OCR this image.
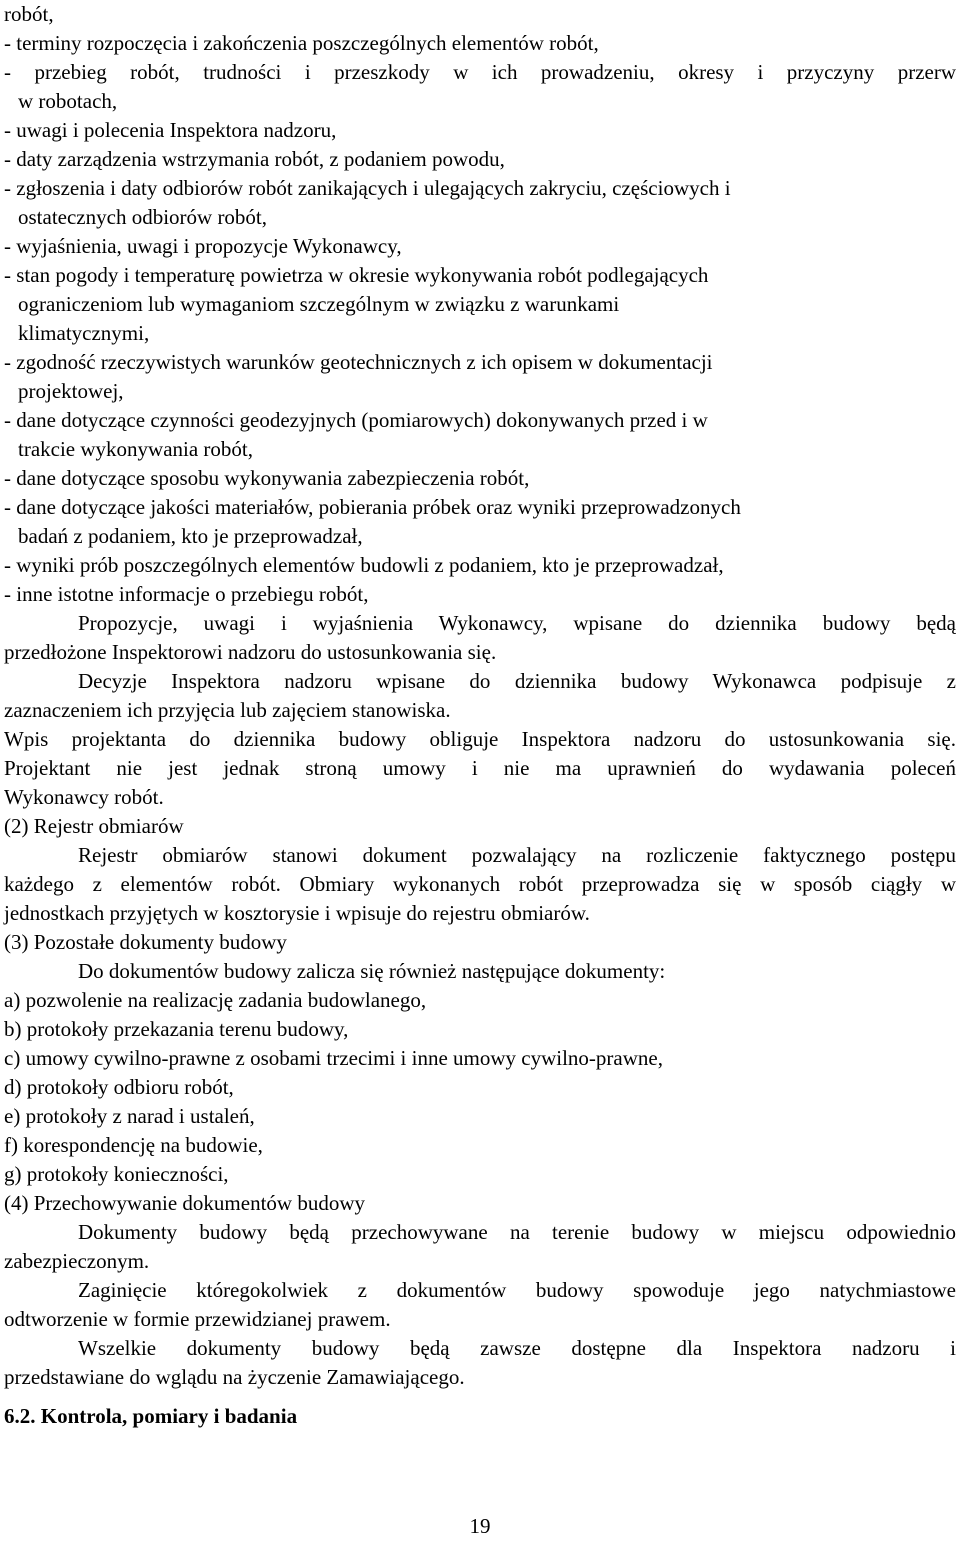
robót,
- terminy rozpoczęcia i zakończenia poszczególnych elementów robót,
- przebieg robót, trudności i przeszkody w ich prowadzeniu, okresy i przyczyny przerw
w robotach,
- uwagi i polecenia Inspektora nadzoru,
- daty zarządzenia wstrzymania robót, z podaniem powodu,
- zgłoszenia i daty odbiorów robót zanikających i ulegających zakryciu, częściowych i
ostatecznych odbiorów robót,
- wyjaśnienia, uwagi i propozycje Wykonawcy,
- stan pogody i temperaturę powietrza w okresie wykonywania robót podlegających
ograniczeniom lub wymaganiom szczególnym w związku z warunkami
klimatycznymi,
- zgodność rzeczywistych warunków geotechnicznych z ich opisem w dokumentacji
projektowej,
- dane dotyczące czynności geodezyjnych (pomiarowych) dokonywanych przed i w
trakcie wykonywania robót,
- dane dotyczące sposobu wykonywania zabezpieczenia robót,
- dane dotyczące jakości materiałów, pobierania próbek oraz wyniki przeprowadzonych
badań z podaniem, kto je przeprowadzał,
- wyniki prób poszczególnych elementów budowli z podaniem, kto je przeprowadzał,
- inne istotne informacje o przebiegu robót,
Propozycje, uwagi i wyjaśnienia Wykonawcy, wpisane do dziennika budowy będą
przedłożone Inspektorowi nadzoru do ustosunkowania się.
Decyzje Inspektora nadzoru wpisane do dziennika budowy Wykonawca podpisuje z
zaznaczeniem ich przyjęcia lub zajęciem stanowiska.
Wpis projektanta do dziennika budowy obliguje Inspektora nadzoru do ustosunkowania się.
Projektant nie jest jednak stroną umowy i nie ma uprawnień do wydawania poleceń
Wykonawcy robót.
(2) Rejestr obmiarów
Rejestr obmiarów stanowi dokument pozwalający na rozliczenie faktycznego postępu
każdego z elementów robót. Obmiary wykonanych robót przeprowadza się w sposób ciągły w
jednostkach przyjętych w kosztorysie i wpisuje do rejestru obmiarów.
(3) Pozostałe dokumenty budowy
Do dokumentów budowy zalicza się również następujące dokumenty:
a) pozwolenie na realizację zadania budowlanego,
b) protokoły przekazania terenu budowy,
c) umowy cywilno-prawne z osobami trzecimi i inne umowy cywilno-prawne,
d) protokoły odbioru robót,
e) protokoły z narad i ustaleń,
f) korespondencję na budowie,
g) protokoły konieczności,
(4) Przechowywanie dokumentów budowy
Dokumenty budowy będą przechowywane na terenie budowy w miejscu odpowiednio
zabezpieczonym.
Zaginięcie któregokolwiek z dokumentów budowy spowoduje jego natychmiastowe
odtworzenie w formie przewidzianej prawem.
Wszelkie dokumenty budowy będą zawsze dostępne dla Inspektora nadzoru i
przedstawiane do wglądu na życzenie Zamawiającego.
6.2. Kontrola, pomiary i badania
19
